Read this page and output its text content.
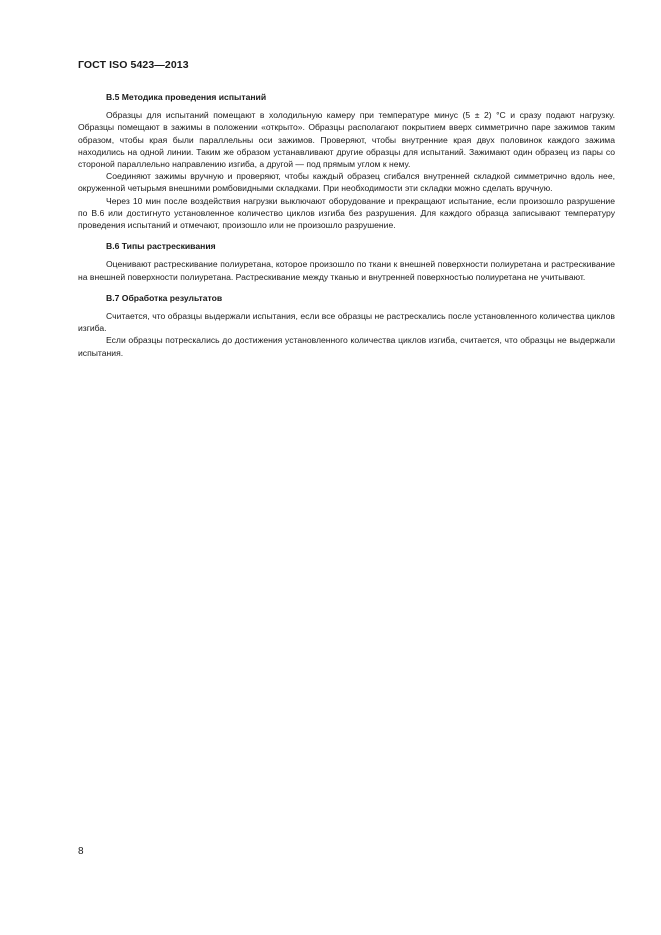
ГОСТ ISO 5423—2013
B.5 Методика проведения испытаний

Образцы для испытаний помещают в холодильную камеру при температуре минус (5 ± 2) °С и сразу подают нагрузку. Образцы помещают в зажимы в положении «открыто». Образцы располагают покрытием вверх симметрично паре зажимов таким образом, чтобы края были параллельны оси зажимов. Проверяют, чтобы внутренние края двух половинок каждого зажима находились на одной линии. Таким же образом устанавливают другие образцы для испытаний. Зажимают один образец из пары со стороной параллельно направлению изгиба, а другой — под прямым углом к нему.

Соединяют зажимы вручную и проверяют, чтобы каждый образец сгибался внутренней складкой симметрично вдоль нее, окруженной четырьмя внешними ромбовидными складками. При необходимости эти складки можно сделать вручную.

Через 10 мин после воздействия нагрузки выключают оборудование и прекращают испытание, если произошло разрушение по B.6 или достигнуто установленное количество циклов изгиба без разрушения. Для каждого образца записывают температуру проведения испытаний и отмечают, произошло или не произошло разрушение.

B.6 Типы растрескивания

Оценивают растрескивание полиуретана, которое произошло по ткани к внешней поверхности полиуретана и растрескивание на внешней поверхности полиуретана. Растрескивание между тканью и внутренней поверхностью полиуретана не учитывают.

B.7 Обработка результатов

Считается, что образцы выдержали испытания, если все образцы не растрескались после установленного количества циклов изгиба.

Если образцы потрескались до достижения установленного количества циклов изгиба, считается, что образцы не выдержали испытания.

8
